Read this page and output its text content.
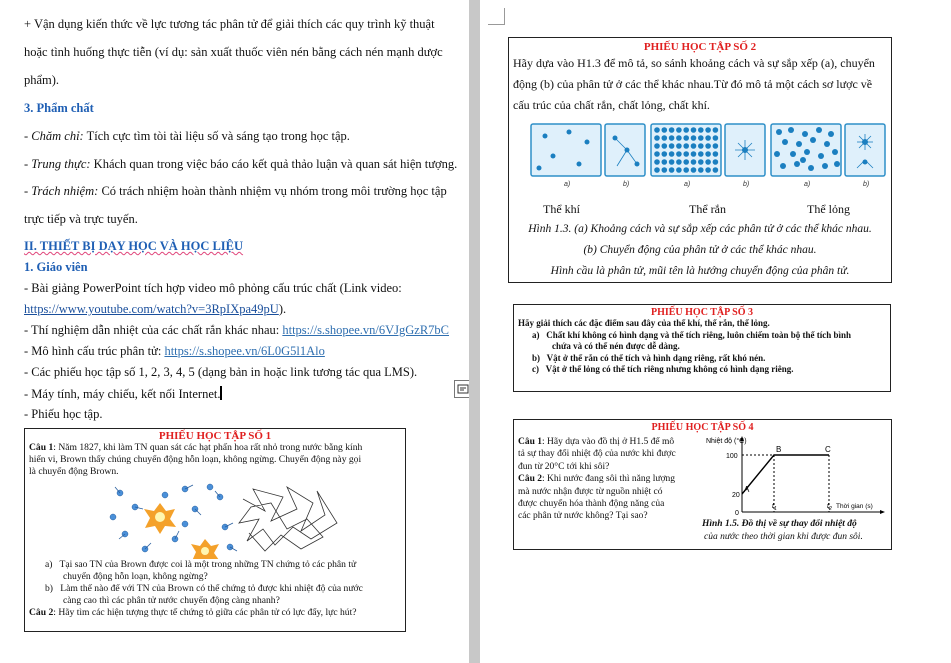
+ Vận dụng kiến thức về lực tương tác phân tử để giải thích các quy trình kỹ thuật
hoặc tình huống thực tiễn (ví dụ: sản xuất thuốc viên nén bằng cách nén mạnh dược
phẩm).
3. Phẩm chất
- Chăm chỉ: Tích cực tìm tòi tài liệu số và sáng tạo trong học tập.
- Trung thực: Khách quan trong việc báo cáo kết quả thảo luận và quan sát hiện tượng.
- Trách nhiệm: Có trách nhiệm hoàn thành nhiệm vụ nhóm trong môi trường học tập
trực tiếp và trực tuyến.
II. THIẾT BỊ DẠY HỌC VÀ HỌC LIỆU
1. Giáo viên
- Bài giảng PowerPoint tích hợp video mô phỏng cấu trúc chất (Link video:
https://www.youtube.com/watch?v=3RpIXpa49pU).
- Thí nghiệm dẫn nhiệt của các chất rắn khác nhau: https://s.shopee.vn/6VJgGzR7bC
- Mô hình cấu trúc phân tử: https://s.shopee.vn/6L0G5l1Alo
- Các phiếu học tập số 1, 2, 3, 4, 5 (dạng bản in hoặc link tương tác qua LMS).
- Máy tính, máy chiếu, kết nối Internet.
- Phiếu học tập.
PHIẾU HỌC TẬP SỐ 1
Câu 1: Năm 1827, khi làm TN quan sát các hạt phấn hoa rất nhỏ trong nước bằng kính
hiển vi, Brown thấy chúng chuyển động hỗn loạn, không ngừng. Chuyển động này gọi
là chuyển động Brown.
a) Tại sao TN của Brown được coi là một trong những TN chứng tỏ các phân tử
chuyển động hỗn loạn, không ngừng?
b) Làm thế nào để với TN của Brown có thể chứng tỏ được khi nhiệt độ của nước
càng cao thì các phân tử nước chuyển động càng nhanh?
Câu 2: Hãy tìm các hiện tượng thực tế chứng tỏ giữa các phân tử có lực đẩy, lực hút?
PHIẾU HỌC TẬP SỐ 2
Hãy dựa vào H1.3 để mô tả, so sánh khoảng cách và sự sắp xếp (a), chuyển
động (b) của phân tử ở các thể khác nhau.Từ đó mô tả một cách sơ lược về
cấu trúc của chất rắn, chất lỏng, chất khí.
a)	b)	a)	b)	a)	b)
Thể khí	Thể rắn	Thể lỏng
Hình 1.3. (a) Khoảng cách và sự sắp xếp các phân tử ở các thể khác nhau.
(b) Chuyển động của phân tử ở các thể khác nhau.
Hình cầu là phân tử, mũi tên là hướng chuyển động của phân tử.
PHIẾU HỌC TẬP SỐ 3
Hãy giải thích các đặc điểm sau đây của thể khí, thể rắn, thể lỏng.
a) Chất khí không có hình dạng và thể tích riêng, luôn chiếm toàn bộ thể tích bình
chứa và có thể nén được dễ dàng.
b) Vật ở thể rắn có thể tích và hình dạng riêng, rất khó nén.
c) Vật ở thể lỏng có thể tích riêng nhưng không có hình dạng riêng.
PHIẾU HỌC TẬP SỐ 4
Câu 1: Hãy dựa vào đồ thị ở H1.5 để mô
tả sự thay đổi nhiệt độ của nước khi được
đun từ 20°C tới khi sôi?
Câu 2: Khi nước đang sôi thì năng lượng
mà nước nhận được từ nguồn nhiệt có
được chuyển hóa thành động năng của
các phân tử nước không? Tại sao?
Nhiệt độ (°C)
100
20
0
A
B	C
$t_1$	$t_2$ Thời gian (s)
Hình 1.5. Đồ thị về sự thay đổi nhiệt độ
của nước theo thời gian khi được đun sôi.
